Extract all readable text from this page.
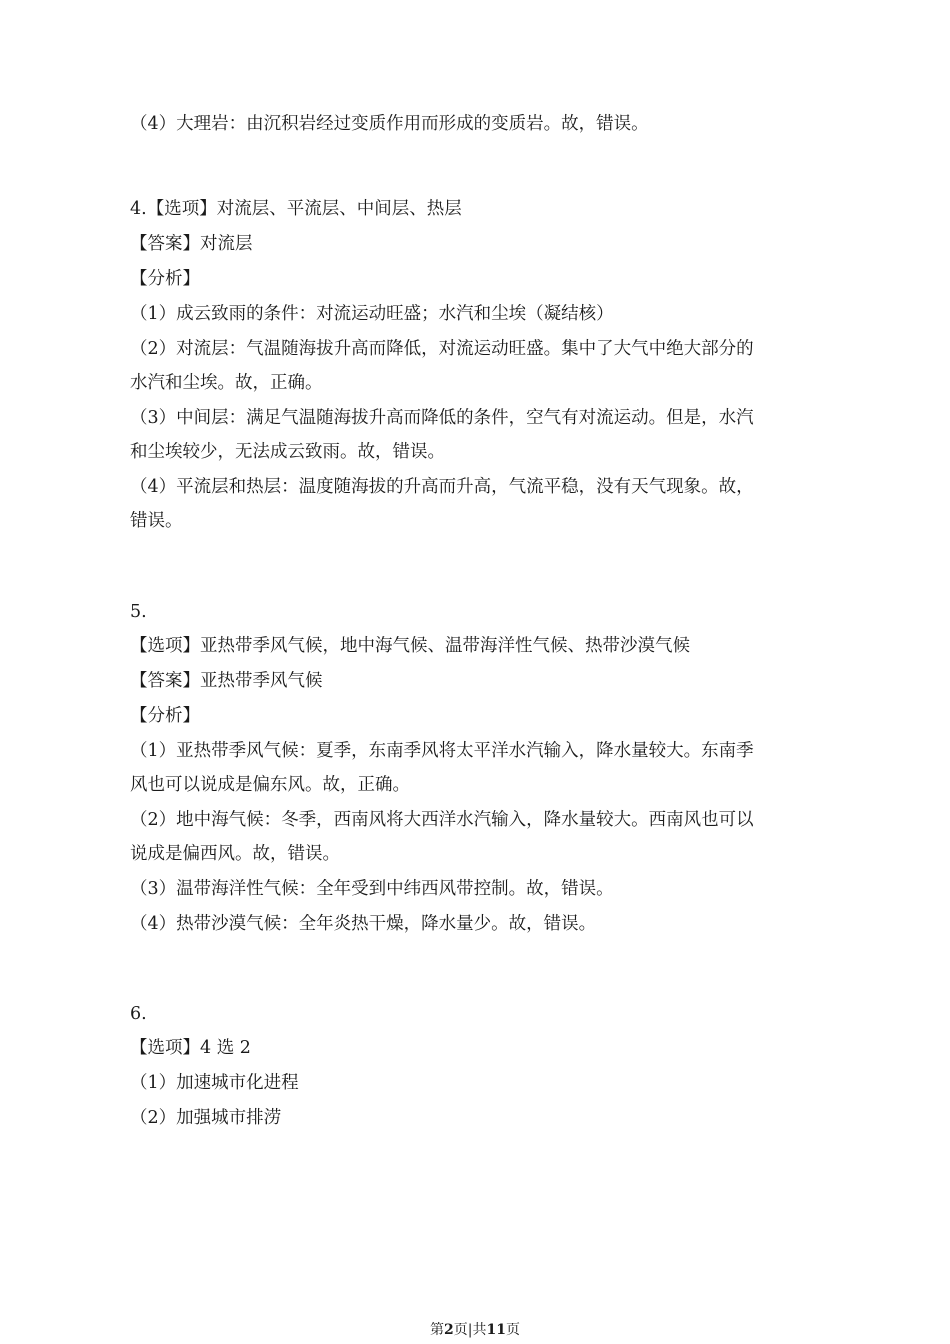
（4）大理岩：由沉积岩经过变质作用而形成的变质岩。故，错误。
4.【选项】对流层、平流层、中间层、热层
【答案】对流层
【分析】
（1）成云致雨的条件：对流运动旺盛；水汽和尘埃（凝结核）
（2）对流层：气温随海拔升高而降低，对流运动旺盛。集中了大气中绝大部分的
水汽和尘埃。故，正确。
（3）中间层：满足气温随海拔升高而降低的条件，空气有对流运动。但是，水汽
和尘埃较少，无法成云致雨。故，错误。
（4）平流层和热层：温度随海拔的升高而升高，气流平稳，没有天气现象。故，
错误。
5.
【选项】亚热带季风气候，地中海气候、温带海洋性气候、热带沙漠气候
【答案】亚热带季风气候
【分析】
（1）亚热带季风气候：夏季，东南季风将太平洋水汽输入，降水量较大。东南季
风也可以说成是偏东风。故，正确。
（2）地中海气候：冬季，西南风将大西洋水汽输入，降水量较大。西南风也可以
说成是偏西风。故，错误。
（3）温带海洋性气候：全年受到中纬西风带控制。故，错误。
（4）热带沙漠气候：全年炎热干燥，降水量少。故，错误。
6.
【选项】4 选 2
（1）加速城市化进程
（2）加强城市排涝
第2页|共11页
